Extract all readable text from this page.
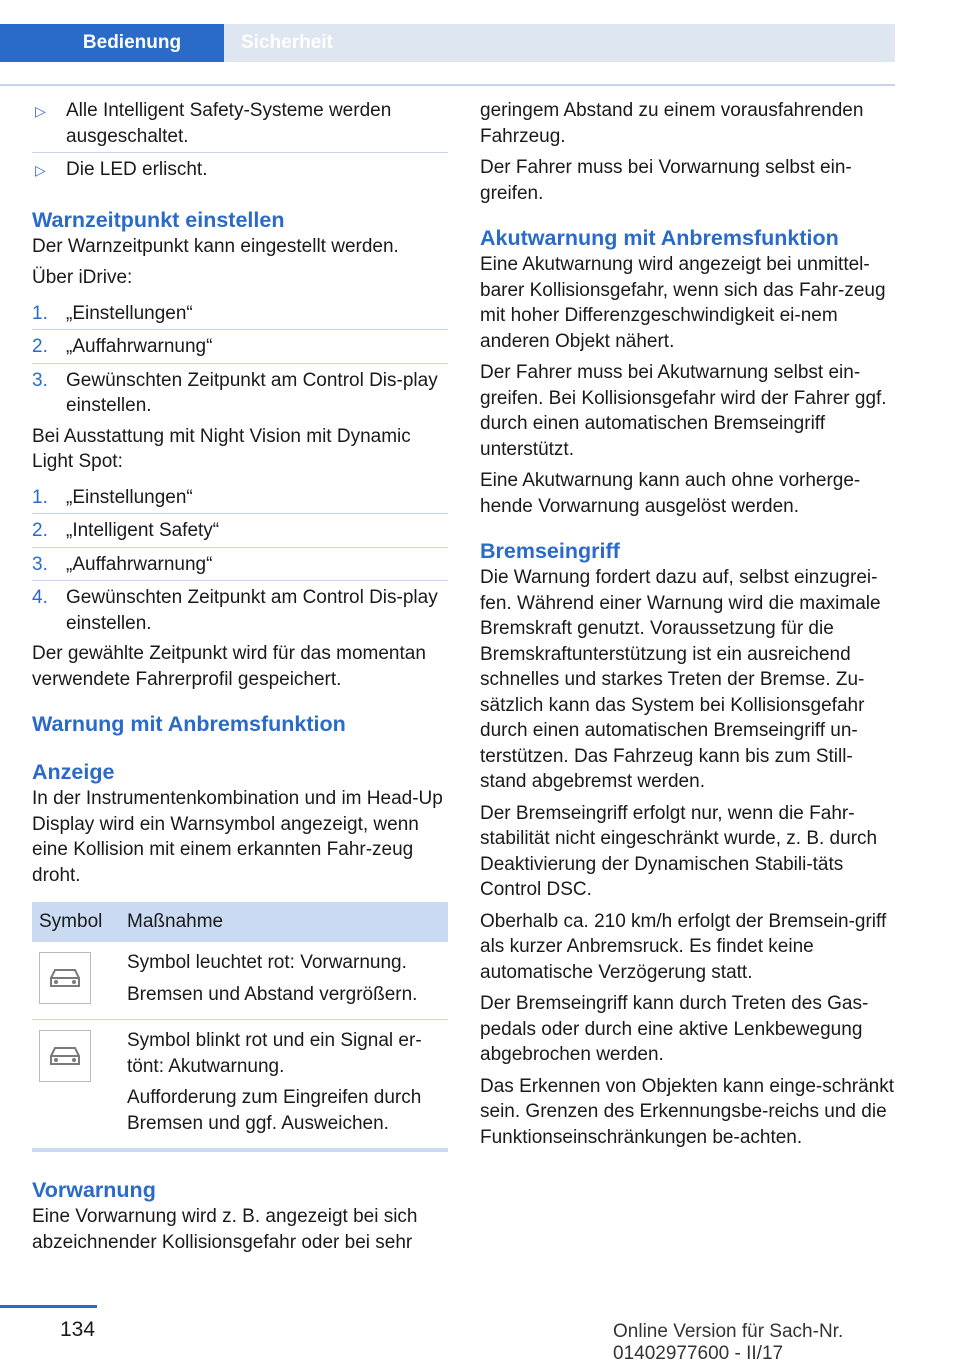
Bedienung	Sicherheit
▷ Alle Intelligent Safety-Systeme werden ausgeschaltet.
▷ Die LED erlischt.
Warnzeitpunkt einstellen

Der Warnzeitpunkt kann eingestellt werden.

Über iDrive:

1. „Einstellungen“
2. „Auffahrwarnung“
3. Gewünschten Zeitpunkt am Control Dis‐play einstellen.

Bei Ausstattung mit Night Vision mit Dynamic Light Spot:

1. „Einstellungen“
2. „Intelligent Safety“
3. „Auffahrwarnung“
4. Gewünschten Zeitpunkt am Control Dis‐play einstellen.

Der gewählte Zeitpunkt wird für das momentan verwendete Fahrerprofil gespeichert.

Warnung mit Anbremsfunktion
Anzeige

In der Instrumentenkombination und im Head-Up Display wird ein Warnsymbol angezeigt, wenn eine Kollision mit einem erkannten Fahr‐zeug droht.

Symbol	Maßnahme

Symbol leuchtet rot: Vorwarnung.

Bremsen und Abstand vergrößern.

Symbol blinkt rot und ein Signal er‐tönt: Akutwarnung.

Aufforderung zum Eingreifen durch Bremsen und ggf. Ausweichen.

Vorwarnung

Eine Vorwarnung wird z. B. angezeigt bei sich abzeichnender Kollisionsgefahr oder bei sehr

geringem Abstand zu einem vorausfahrenden Fahrzeug.

Der Fahrer muss bei Vorwarnung selbst ein‐greifen.

Akutwarnung mit Anbremsfunktion

Eine Akutwarnung wird angezeigt bei unmittel‐barer Kollisionsgefahr, wenn sich das Fahr‐zeug mit hoher Differenzgeschwindigkeit ei‐nem anderen Objekt nähert.

Der Fahrer muss bei Akutwarnung selbst ein‐greifen. Bei Kollisionsgefahr wird der Fahrer ggf. durch einen automatischen Bremseingriff unterstützt.

Eine Akutwarnung kann auch ohne vorherge‐hende Vorwarnung ausgelöst werden.

Bremseingriff

Die Warnung fordert dazu auf, selbst einzugrei‐fen. Während einer Warnung wird die maximale Bremskraft genutzt. Voraussetzung für die Bremskraftunterstützung ist ein ausreichend schnelles und starkes Treten der Bremse. Zu‐sätzlich kann das System bei Kollisionsgefahr durch einen automatischen Bremseingriff un‐terstützen. Das Fahrzeug kann bis zum Still‐stand abgebremst werden.

Der Bremseingriff erfolgt nur, wenn die Fahr‐stabilität nicht eingeschränkt wurde, z. B. durch Deaktivierung der Dynamischen Stabili‐täts Control DSC.

Oberhalb ca. 210 km/h erfolgt der Bremsein‐griff als kurzer Anbremsruck. Es findet keine automatische Verzögerung statt.

Der Bremseingriff kann durch Treten des Gas‐pedals oder durch eine aktive Lenkbewegung abgebrochen werden.

Das Erkennen von Objekten kann einge‐schränkt sein. Grenzen des Erkennungsbe‐reichs und die Funktionseinschränkungen be‐achten.

134	Online Version für Sach-Nr. 01402977600 - II/17
